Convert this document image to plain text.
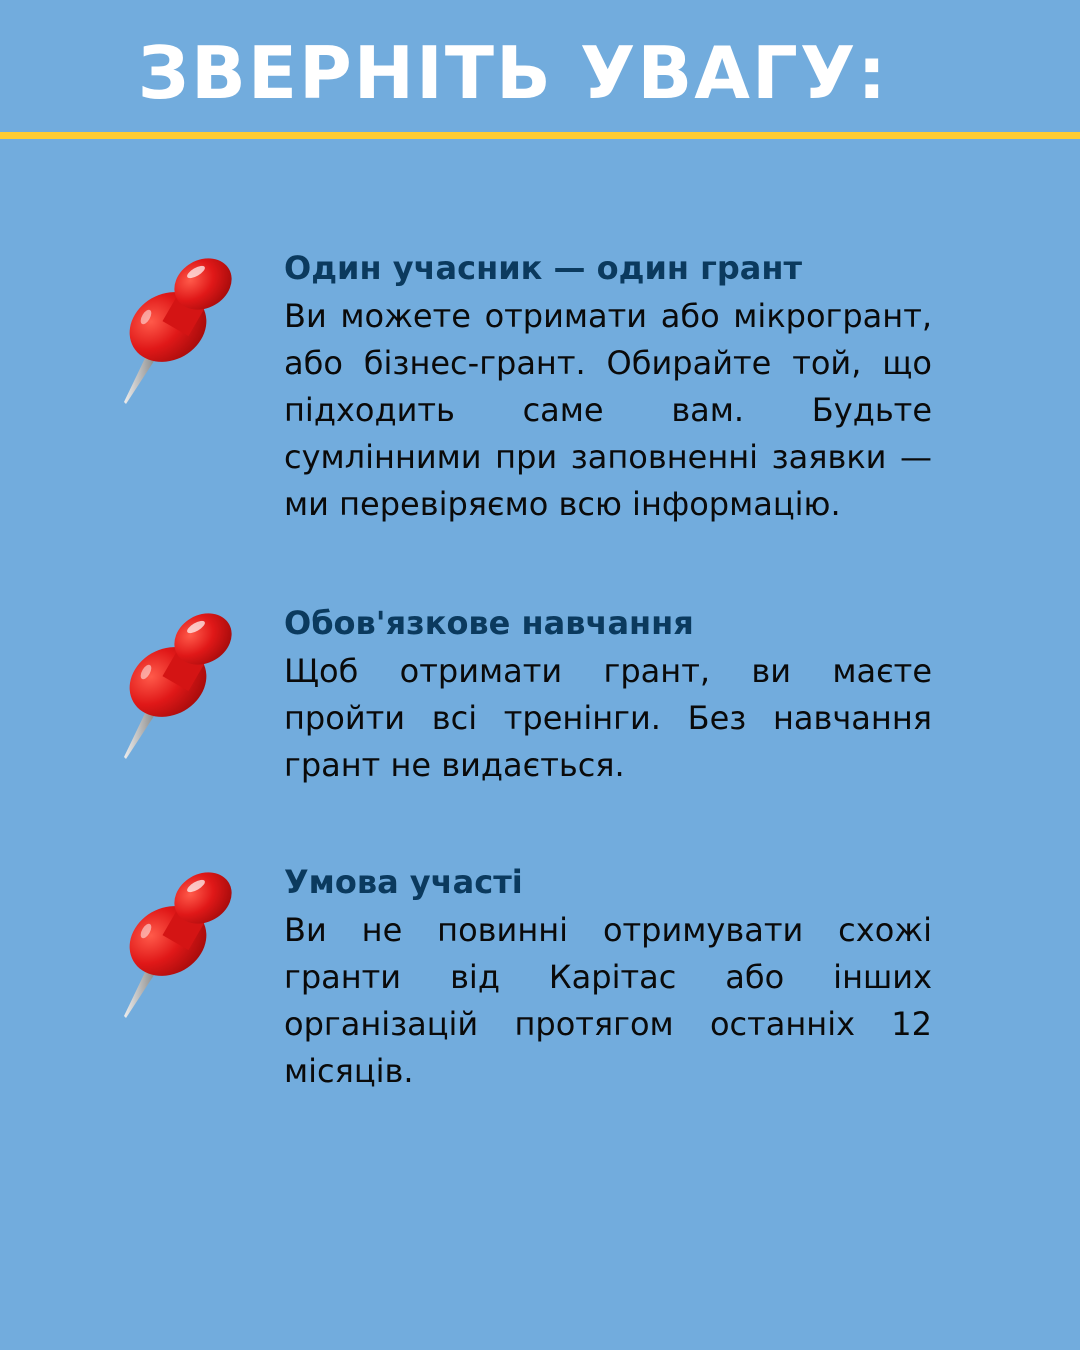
ЗВЕРНІТЬ УВАГУ:
Один учасник — один грант
Ви можете отримати або мікрогрант, або бізнес-грант. Обирайте той, що підходить саме вам. Будьте сумлінними при заповненні заявки — ми перевіряємо всю інформацію.
Обов'язкове навчання
Щоб отримати грант, ви маєте пройти всі тренінги. Без навчання грант не видається.
Умова участі
Ви не повинні отримувати схожі гранти від Карітас або інших організацій протягом останніх 12 місяців.
